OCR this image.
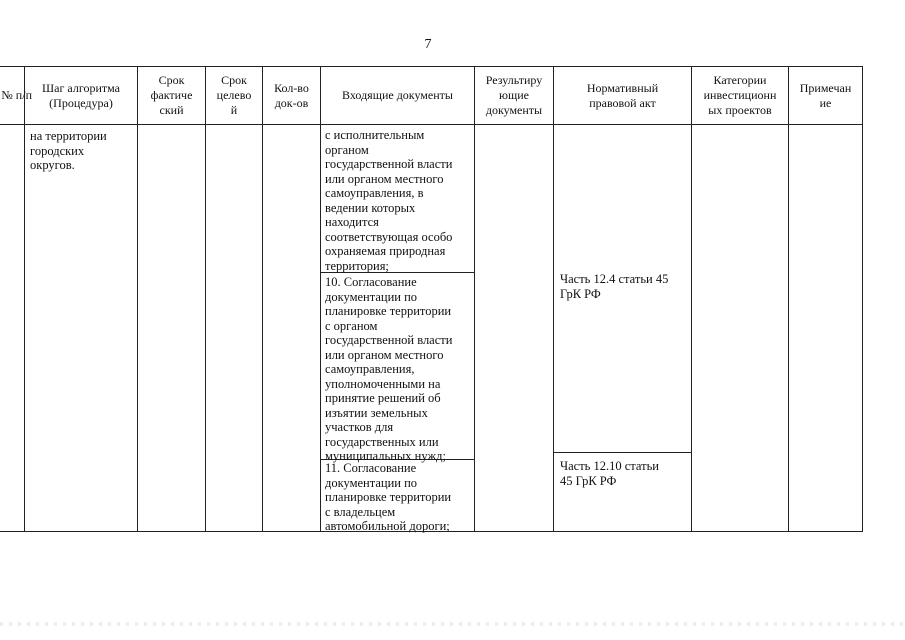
7
№ п/п
Шаг алгоритма
(Процедура)
Срок
фактиче
ский
Срок
целево
й
Кол-во
док-ов
Входящие документы
Результиру
ющие
документы
Нормативный
правовой акт
Категории
инвестиционн
ых проектов
Примечан
ие
на территории
городских
округов.
с исполнительным
органом
государственной власти
или органом местного
самоуправления, в
ведении которых
находится
соответствующая особо
охраняемая природная
территория;
10. Согласование
документации по
планировке территории
с органом
государственной власти
или органом местного
самоуправления,
уполномоченными на
принятие решений об
изъятии земельных
участков для
государственных или
муниципальных нужд;
11. Согласование
документации по
планировке территории
с владельцем
автомобильной дороги;
Часть 12.4 статьи 45
ГрК РФ
Часть 12.10 статьи
45 ГрК РФ
